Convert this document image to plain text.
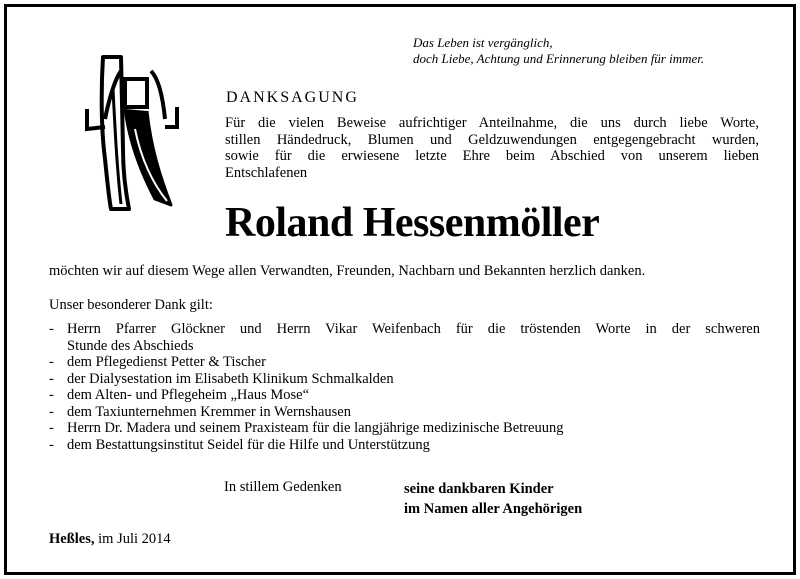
Das Leben ist vergänglich,
doch Liebe, Achtung und Erinnerung bleiben für immer.
DANKSAGUNG
Für die vielen Beweise aufrichtiger Anteilnahme, die uns durch liebe Worte,
stillen Händedruck, Blumen und Geldzuwendungen entgegengebracht wurden,
sowie für die erwiesene letzte Ehre beim Abschied von unserem lieben
Entschlafenen
Roland Hessenmöller
möchten wir auf diesem Wege allen Verwandten, Freunden, Nachbarn und Bekannten herzlich danken.
Unser besonderer Dank gilt:
- Herrn Pfarrer Glöckner und Herrn Vikar Weifenbach für die tröstenden Worte in der schweren
Stunde des Abschieds
- dem Pflegedienst Petter & Tischer
- der Dialysestation im Elisabeth Klinikum Schmalkalden
- dem Alten- und Pflegeheim „Haus Mose“
- dem Taxiunternehmen Kremmer in Wernshausen
- Herrn Dr. Madera und seinem Praxisteam für die langjährige medizinische Betreuung
- dem Bestattungsinstitut Seidel für die Hilfe und Unterstützung
In stillem Gedenken	seine dankbaren Kinder
im Namen aller Angehörigen
Heßles, im Juli 2014
